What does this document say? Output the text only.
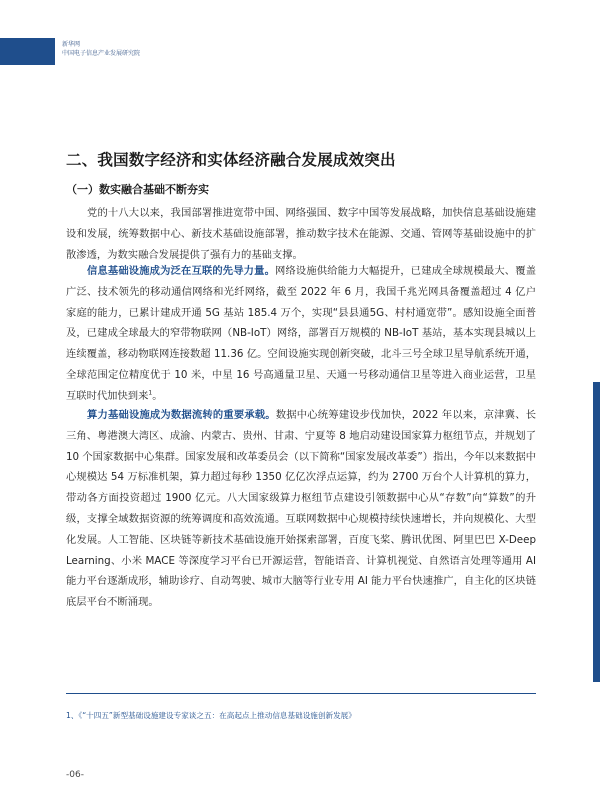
新华网
中国电子信息产业发展研究院
二、我国数字经济和实体经济融合发展成效突出
（一）数实融合基础不断夯实

党的十八大以来，我国部署推进宽带中国、网络强国、数字中国等发展战略，加快信息基础设施建设和发展，统筹数据中心、新技术基础设施部署，推动数字技术在能源、交通、管网等基础设施中的扩散渗透，为数实融合发展提供了强有力的基础支撑。

信息基础设施成为泛在互联的先导力量。网络设施供给能力大幅提升，已建成全球规模最大、覆盖广泛、技术领先的移动通信网络和光纤网络，截至 2022 年 6 月，我国千兆光网具备覆盖超过 4 亿户家庭的能力，已累计建成开通 5G 基站 185.4 万个，实现“县县通5G、村村通宽带”。感知设施全面普及，已建成全球最大的窄带物联网（NB-IoT）网络，部署百万规模的 NB-IoT 基站，基本实现县城以上连续覆盖，移动物联网连接数超 11.36 亿。空间设施实现创新突破，北斗三号全球卫星导航系统开通，全球范围定位精度优于 10 米，中星 16 号高通量卫星、天通一号移动通信卫星等进入商业运营，卫星互联时代加快到来$^1$。

算力基础设施成为数据流转的重要承载。数据中心统筹建设步伐加快，2022 年以来，京津冀、长三角、粤港澳大湾区、成渝、内蒙古、贵州、甘肃、宁夏等 8 地启动建设国家算力枢纽节点，并规划了 10 个国家数据中心集群。国家发展和改革委员会（以下简称“国家发展改革委”）指出，今年以来数据中心规模达 54 万标准机架，算力超过每秒 1350 亿亿次浮点运算，约为 2700 万台个人计算机的算力，带动各方面投资超过 1900 亿元。八大国家级算力枢纽节点建设引领数据中心从“存数”向“算数”的升级，支撑全域数据资源的统筹调度和高效流通。互联网数据中心规模持续快速增长，并向规模化、大型化发展。人工智能、区块链等新技术基础设施开始探索部署，百度飞桨、腾讯优图、阿里巴巴 X-Deep Learning、小米 MACE 等深度学习平台已开源运营，智能语音、计算机视觉、自然语言处理等通用 AI 能力平台逐渐成形，辅助诊疗、自动驾驶、城市大脑等行业专用 AI 能力平台快速推广，自主化的区块链底层平台不断涌现。

1、《“十四五”新型基础设施建设专家谈之五：在高起点上推动信息基础设施创新发展》
-06-
